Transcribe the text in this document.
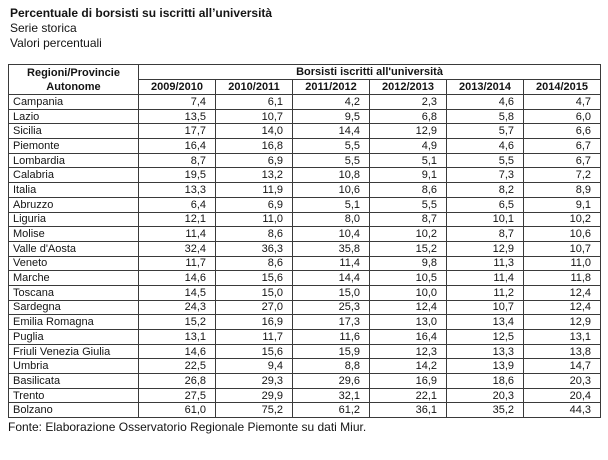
Percentuale di borsisti su iscritti all’università
Serie storica
Valori percentuali
Regioni/Provincie
Autonome	Borsisti iscritti all'università					
	2009/2010	2010/2011	2011/2012	2012/2013	2013/2014	2014/2015
Campania	7,4	6,1	4,2	2,3	4,6	4,7
Lazio	13,5	10,7	9,5	6,8	5,8	6,0
Sicilia	17,7	14,0	14,4	12,9	5,7	6,6
Piemonte	16,4	16,8	5,5	4,9	4,6	6,7
Lombardia	8,7	6,9	5,5	5,1	5,5	6,7
Calabria	19,5	13,2	10,8	9,1	7,3	7,2
Italia	13,3	11,9	10,6	8,6	8,2	8,9
Abruzzo	6,4	6,9	5,1	5,5	6,5	9,1
Liguria	12,1	11,0	8,0	8,7	10,1	10,2
Molise	11,4	8,6	10,4	10,2	8,7	10,6
Valle d'Aosta	32,4	36,3	35,8	15,2	12,9	10,7
Veneto	11,7	8,6	11,4	9,8	11,3	11,0
Marche	14,6	15,6	14,4	10,5	11,4	11,8
Toscana	14,5	15,0	15,0	10,0	11,2	12,4
Sardegna	24,3	27,0	25,3	12,4	10,7	12,4
Emilia Romagna	15,2	16,9	17,3	13,0	13,4	12,9
Puglia	13,1	11,7	11,6	16,4	12,5	13,1
Friuli Venezia Giulia	14,6	15,6	15,9	12,3	13,3	13,8
Umbria	22,5	9,4	8,8	14,2	13,9	14,7
Basilicata	26,8	29,3	29,6	16,9	18,6	20,3
Trento	27,5	29,9	32,1	22,1	20,3	20,4
Bolzano	61,0	75,2	61,2	36,1	35,2	44,3
Fonte: Elaborazione Osservatorio Regionale Piemonte su dati Miur.
